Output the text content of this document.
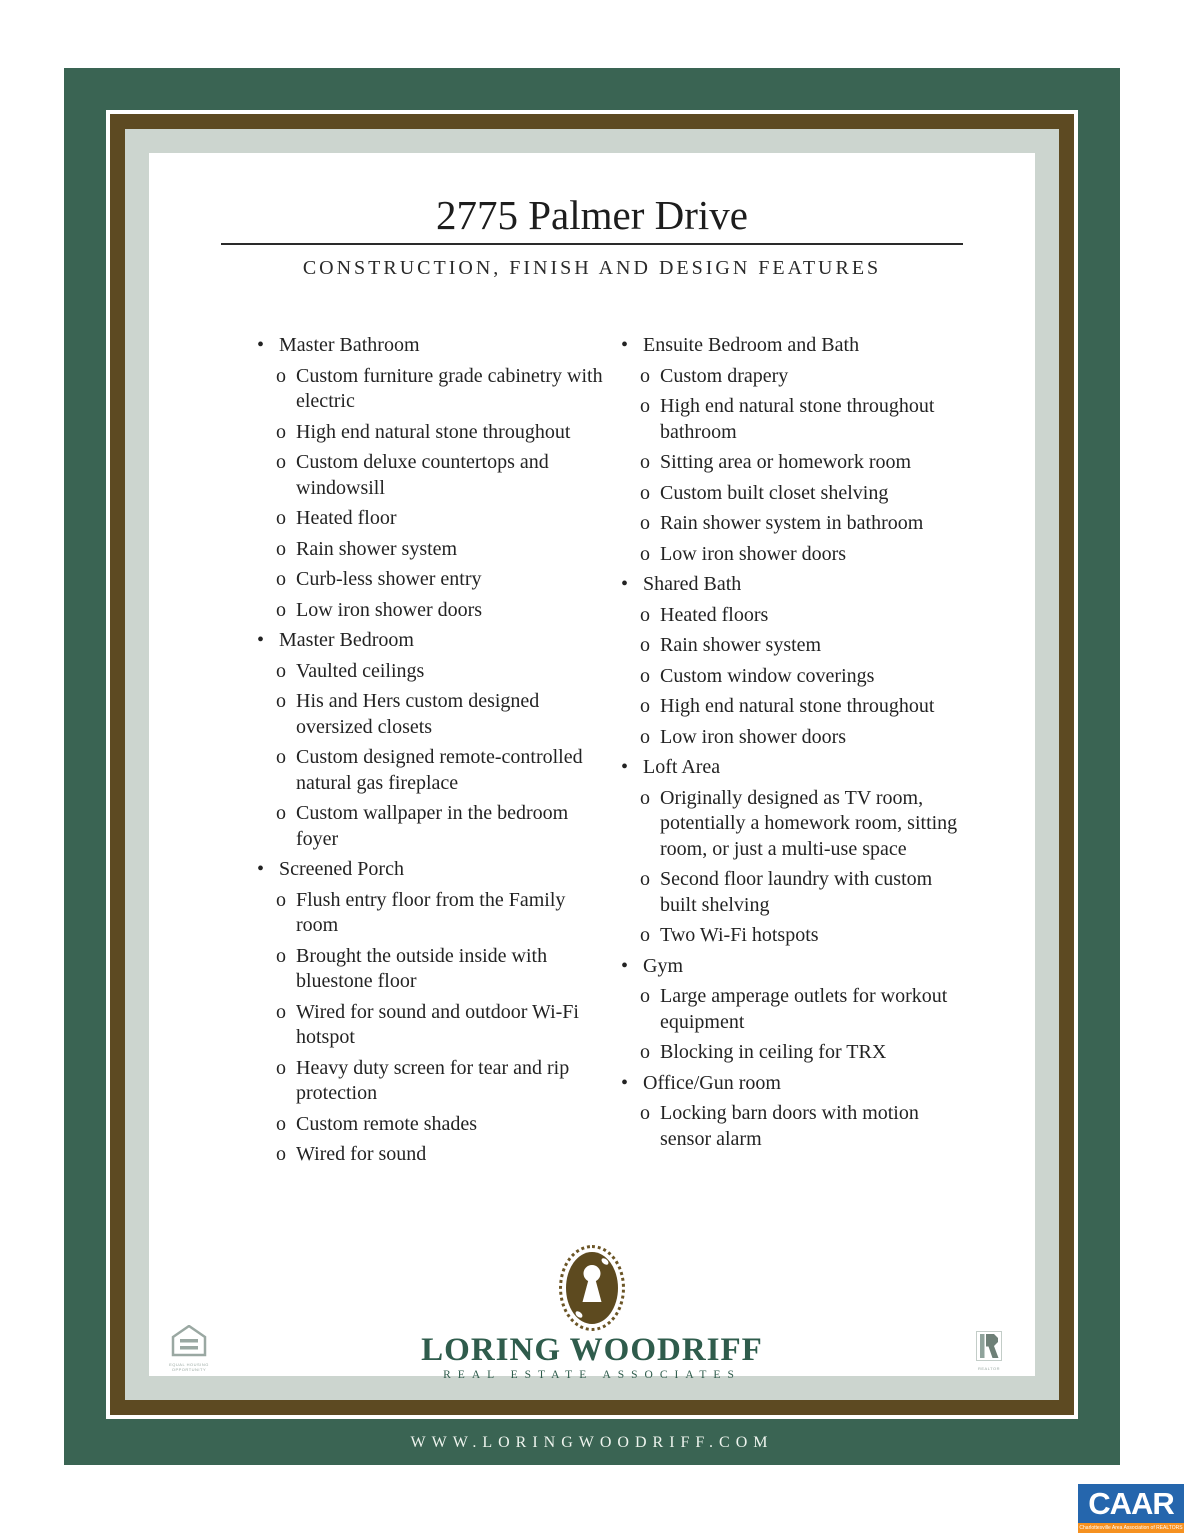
2775 Palmer Drive
CONSTRUCTION, FINISH AND DESIGN FEATURES
• Master Bathroom
o Custom furniture grade cabinetry with electric
o High end natural stone throughout
o Custom deluxe countertops and windowsill
o Heated floor
o Rain shower system
o Curb-less shower entry
o Low iron shower doors
• Master Bedroom
o Vaulted ceilings
o His and Hers custom designed oversized closets
o Custom designed remote-controlled natural gas fireplace
o Custom wallpaper in the bedroom foyer
• Screened Porch
o Flush entry floor from the Family room
o Brought the outside inside with bluestone floor
o Wired for sound and outdoor Wi-Fi hotspot
o Heavy duty screen for tear and rip protection
o Custom remote shades
o Wired for sound
• Ensuite Bedroom and Bath
o Custom drapery
o High end natural stone throughout bathroom
o Sitting area or homework room
o Custom built closet shelving
o Rain shower system in bathroom
o Low iron shower doors
• Shared Bath
o Heated floors
o Rain shower system
o Custom window coverings
o High end natural stone throughout
o Low iron shower doors
• Loft Area
o Originally designed as TV room, potentially a homework room, sitting room, or just a multi-use space
o Second floor laundry with custom built shelving
o Two Wi-Fi hotspots
• Gym
o Large amperage outlets for workout equipment
o Blocking in ceiling for TRX
• Office/Gun room
o Locking barn doors with motion sensor alarm
LORING WOODRIFF
REAL ESTATE ASSOCIATES
EQUAL HOUSING OPPORTUNITY	REALTOR
WWW.LORINGWOODRIFF.COM
CAAR
Charlottesville Area Association of REALTORS
